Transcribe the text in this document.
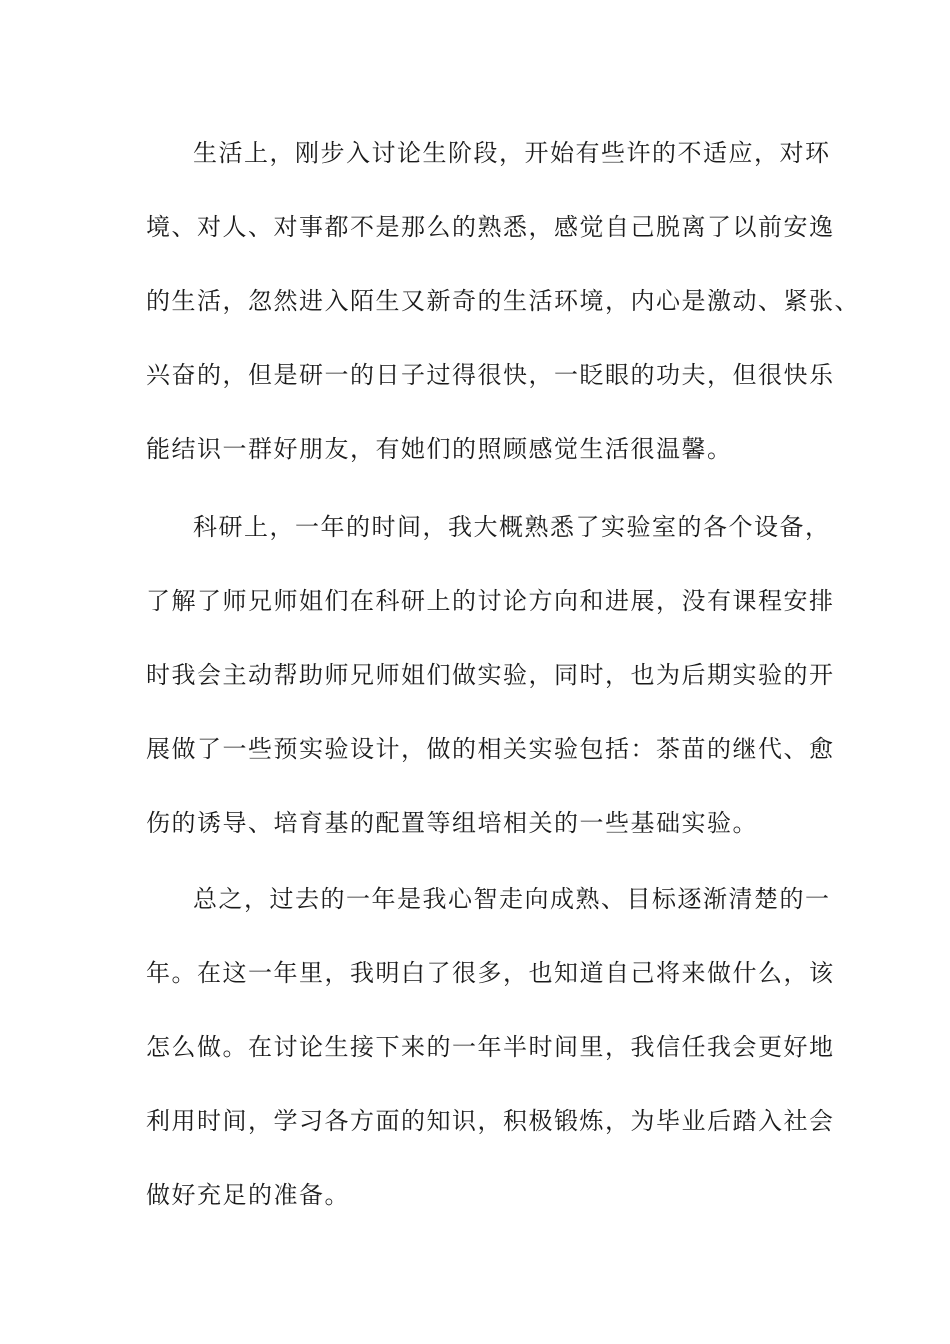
生活上，刚步入讨论生阶段，开始有些许的不适应，对环
境、对人、对事都不是那么的熟悉，感觉自己脱离了以前安逸
的生活，忽然进入陌生又新奇的生活环境，内心是激动、紧张、
兴奋的，但是研一的日子过得很快，一眨眼的功夫，但很快乐
能结识一群好朋友，有她们的照顾感觉生活很温馨。
科研上，一年的时间，我大概熟悉了实验室的各个设备，
了解了师兄师姐们在科研上的讨论方向和进展，没有课程安排
时我会主动帮助师兄师姐们做实验，同时，也为后期实验的开
展做了一些预实验设计，做的相关实验包括：茶苗的继代、愈
伤的诱导、培育基的配置等组培相关的一些基础实验。
总之，过去的一年是我心智走向成熟、目标逐渐清楚的一
年。在这一年里，我明白了很多，也知道自己将来做什么，该
怎么做。在讨论生接下来的一年半时间里，我信任我会更好地
利用时间，学习各方面的知识，积极锻炼，为毕业后踏入社会
做好充足的准备。
